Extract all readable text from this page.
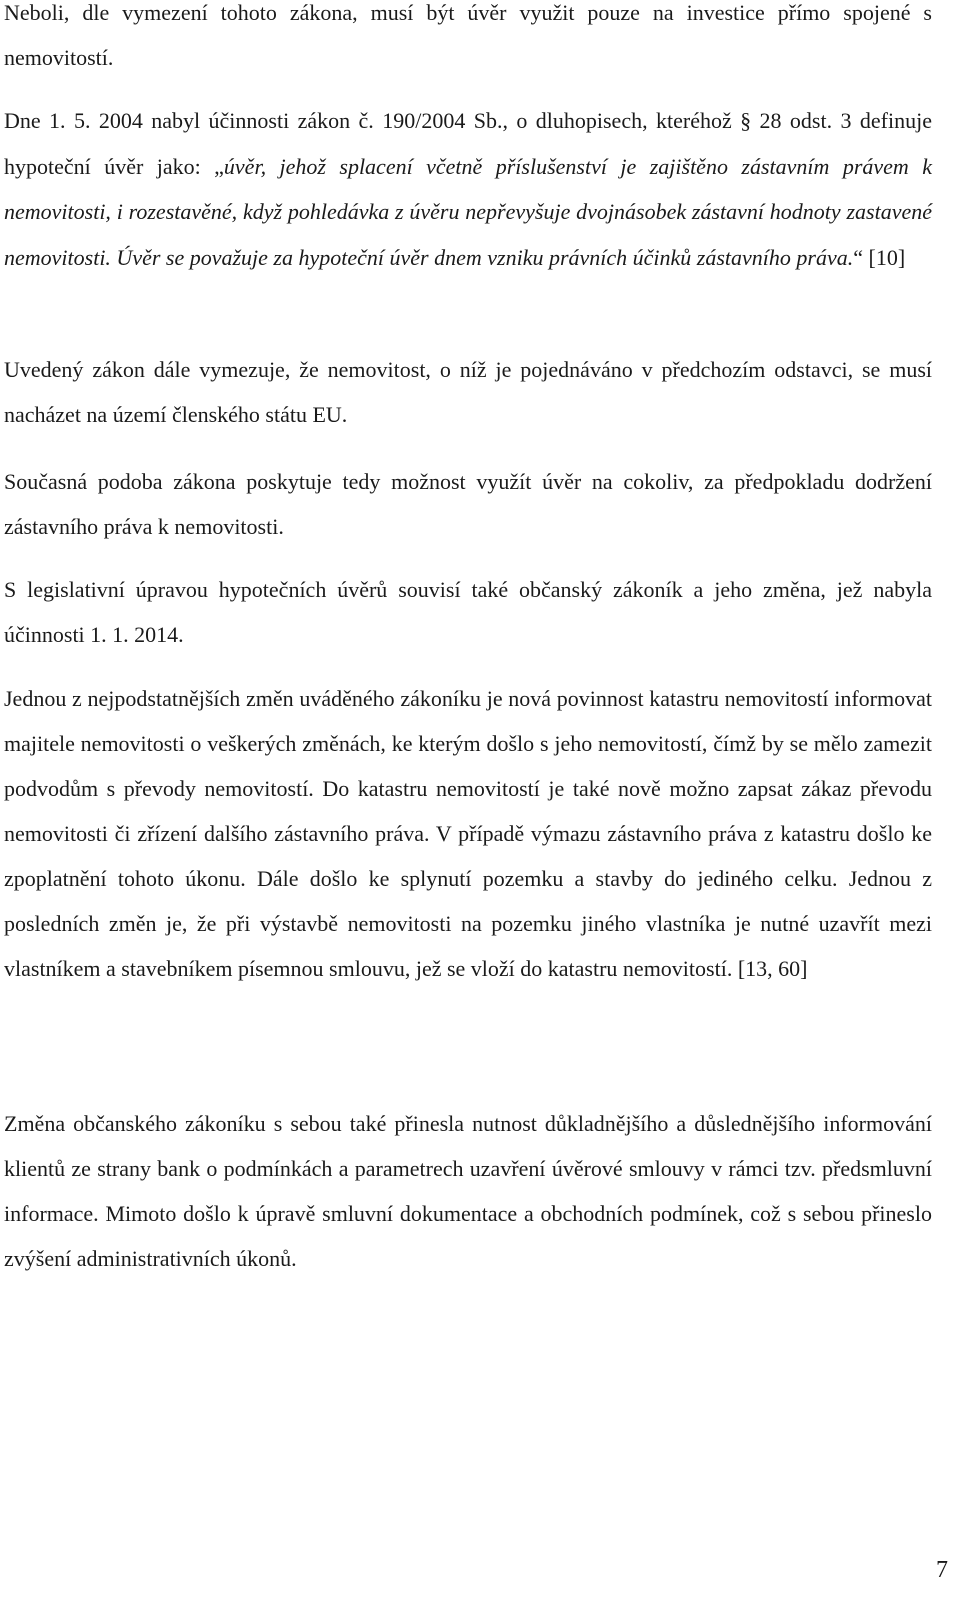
Neboli, dle vymezení tohoto zákona, musí být úvěr využit pouze na investice přímo spojené s nemovitostí.

Dne 1. 5. 2004 nabyl účinnosti zákon č. 190/2004 Sb., o dluhopisech, kteréhož § 28 odst. 3 definuje hypoteční úvěr jako: „úvěr, jehož splacení včetně příslušenství je zajištěno zástavním právem k nemovitosti, i rozestavěné, když pohledávka z úvěru nepřevyšuje dvojnásobek zástavní hodnoty zastavené nemovitosti. Úvěr se považuje za hypoteční úvěr dnem vzniku právních účinků zástavního práva.“ [10]

Uvedený zákon dále vymezuje, že nemovitost, o níž je pojednáváno v předchozím odstavci, se musí nacházet na území členského státu EU.

Současná podoba zákona poskytuje tedy možnost využít úvěr na cokoliv, za předpokladu dodržení zástavního práva k nemovitosti.

S legislativní úpravou hypotečních úvěrů souvisí také občanský zákoník a jeho změna, jež nabyla účinnosti 1. 1. 2014.

Jednou z nejpodstatnějších změn uváděného zákoníku je nová povinnost katastru nemovitostí informovat majitele nemovitosti o veškerých změnách, ke kterým došlo s jeho nemovitostí, čímž by se mělo zamezit podvodům s převody nemovitostí. Do katastru nemovitostí je také nově možno zapsat zákaz převodu nemovitosti či zřízení dalšího zástavního práva. V případě výmazu zástavního práva z katastru došlo ke zpoplatnění tohoto úkonu. Dále došlo ke splynutí pozemku a stavby do jediného celku. Jednou z posledních změn je, že při výstavbě nemovitosti na pozemku jiného vlastníka je nutné uzavřít mezi vlastníkem a stavebníkem písemnou smlouvu, jež se vloží do katastru nemovitostí. [13, 60]

Změna občanského zákoníku s sebou také přinesla nutnost důkladnějšího a důslednějšího informování klientů ze strany bank o podmínkách a parametrech uzavření úvěrové smlouvy v rámci tzv. předsmluvní informace. Mimoto došlo k úpravě smluvní dokumentace a obchodních podmínek, což s sebou přineslo zvýšení administrativních úkonů.

7
